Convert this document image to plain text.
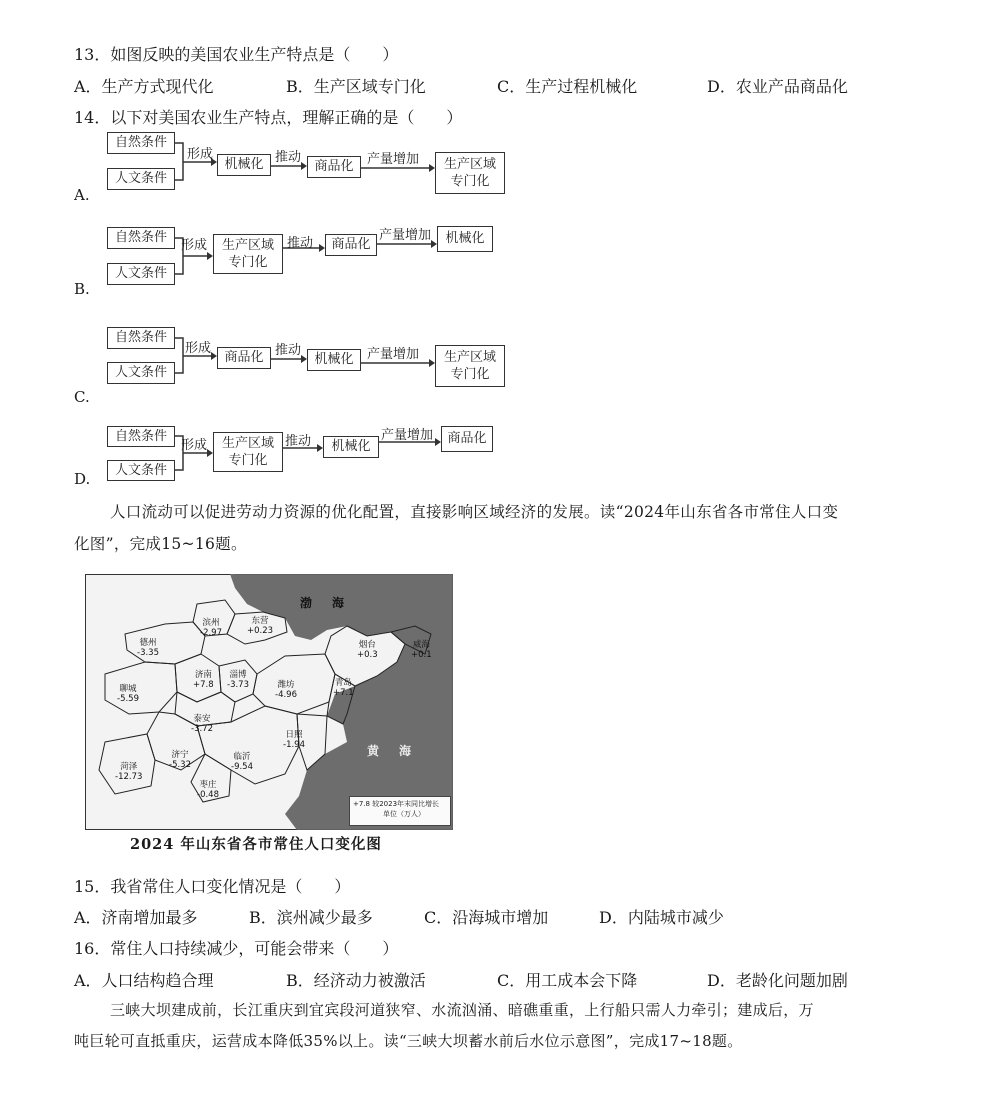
13．如图反映的美国农业生产特点是（　　）
A．生产方式现代化	B．生产区域专门化	C．生产过程机械化	D．农业产品商品化
14．以下对美国农业生产特点，理解正确的是（　　）
A.
自然条件
人文条件
形成
机械化 推动
商品化	产量增加 生产区域
专门化
B.
自然条件
人文条件
形成 生产区域
专门化
推动	商品化
产量增加	机械化
C.
自然条件
人文条件
形成
商品化 推动
机械化	产量增加 生产区域
专门化
D.
自然条件
人文条件
形成 生产区域
专门化
推动	机械化
产量增加	商品化
人口流动可以促进劳动力资源的优化配置，直接影响区域经济的发展。读“2024年山东省各市常住人口变
化图”，完成15~16题。
渤　海
黄　海
滨州
-2.97
东营
+0.23
德州
-3.35
烟台
+0.3
威海
+0.1
聊城
-5.59
济南
+7.8
淄博
-3.73	潍坊
-4.96
青岛
+7.1
泰安
-3.72
济宁
-5.32
菏泽
-12.73
临沂
-9.54
日照
-1.94
枣庄
-0.48
+7.8 较2023年末同比增长
单位（万人）
2024 年山东省各市常住人口变化图
15．我省常住人口变化情况是（　　）
A．济南增加最多	B．滨州减少最多	C．沿海城市增加	D．内陆城市减少
16．常住人口持续减少，可能会带来（　　）
A．人口结构趋合理	B．经济动力被激活	C．用工成本会下降	D．老龄化问题加剧
三峡大坝建成前，长江重庆到宜宾段河道狭窄、水流汹涌、暗礁重重，上行船只需人力牵引；建成后，万
吨巨轮可直抵重庆，运营成本降低35%以上。读“三峡大坝蓄水前后水位示意图”，完成17~18题。
